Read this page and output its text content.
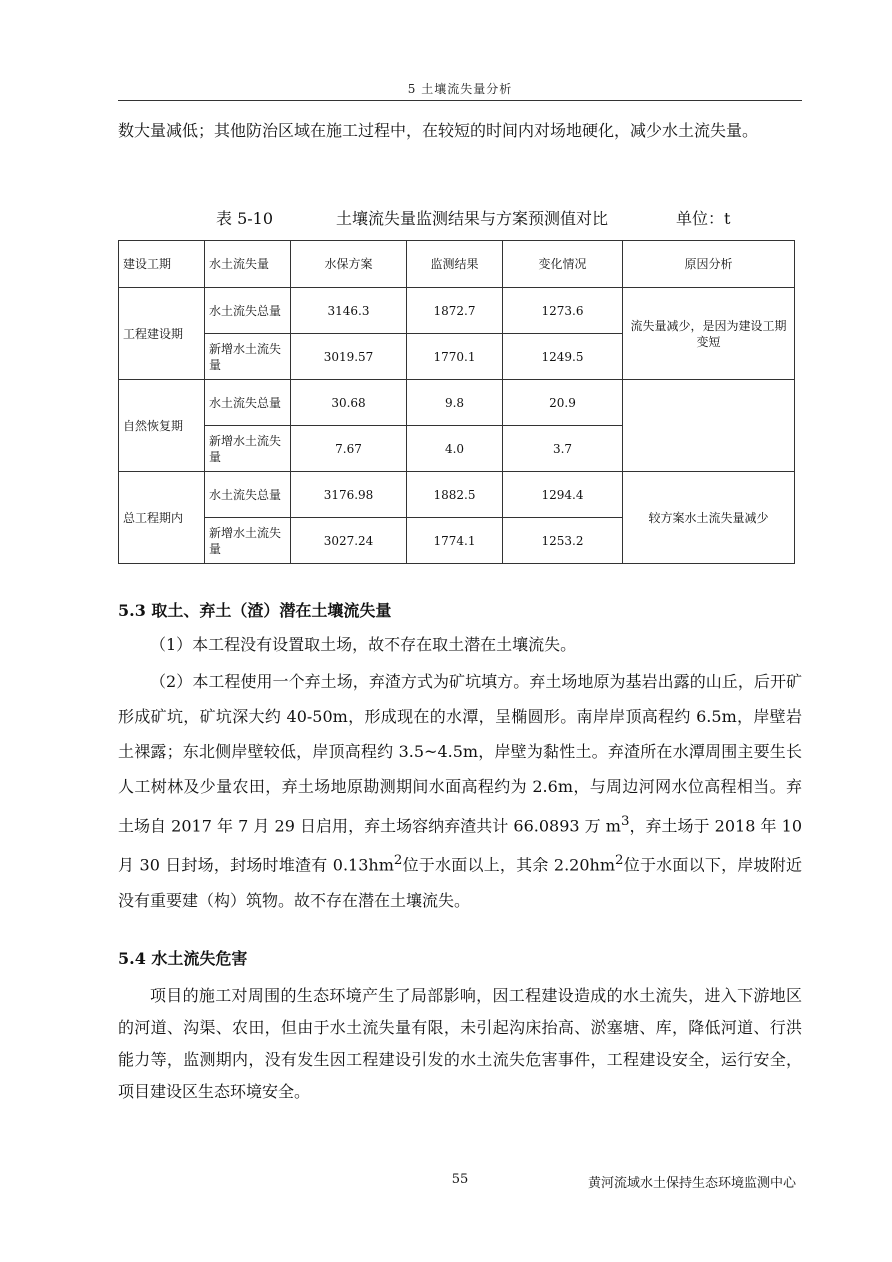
5 土壤流失量分析

数大量减低；其他防治区域在施工过程中，在较短的时间内对场地硬化，减少水土流失量。

表 5-10	土壤流失量监测结果与方案预测值对比	单位：t
建设工期	水土流失量	水保方案	监测结果	变化情况	原因分析
工程建设期	水土流失总量	3146.3	1872.7	1273.6	流失量减少，是因为建设工期变短
	新增水土流失量	3019.57	1770.1	1249.5	
自然恢复期	水土流失总量	30.68	9.8	20.9	
	新增水土流失量	7.67	4.0	3.7	
总工程期内	水土流失总量	3176.98	1882.5	1294.4	较方案水土流失量减少
	新增水土流失量	3027.24	1774.1	1253.2	
5.3 取土、弃土（渣）潜在土壤流失量

（1）本工程没有设置取土场，故不存在取土潜在土壤流失。

（2）本工程使用一个弃土场，弃渣方式为矿坑填方。弃土场地原为基岩出露的山丘，后开矿形成矿坑，矿坑深大约 40-50m，形成现在的水潭，呈椭圆形。南岸岸顶高程约 6.5m，岸壁岩土裸露；东北侧岸壁较低，岸顶高程约 3.5~4.5m，岸壁为黏性土。弃渣所在水潭周围主要生长人工树林及少量农田，弃土场地原勘测期间水面高程约为 2.6m，与周边河网水位高程相当。弃土场自 2017 年 7 月 29 日启用，弃土场容纳弃渣共计 66.0893 万 $m^3$，弃土场于 2018 年 10 月 30 日封场，封场时堆渣有 $0.13hm^2$位于水面以上，其余 $2.20hm^2$位于水面以下，岸坡附近没有重要建（构）筑物。故不存在潜在土壤流失。

5.4 水土流失危害

项目的施工对周围的生态环境产生了局部影响，因工程建设造成的水土流失，进入下游地区的河道、沟渠、农田，但由于水土流失量有限，未引起沟床抬高、淤塞塘、库，降低河道、行洪能力等，监测期内，没有发生因工程建设引发的水土流失危害事件，工程建设安全，运行安全，项目建设区生态环境安全。

55	黄河流域水土保持生态环境监测中心
